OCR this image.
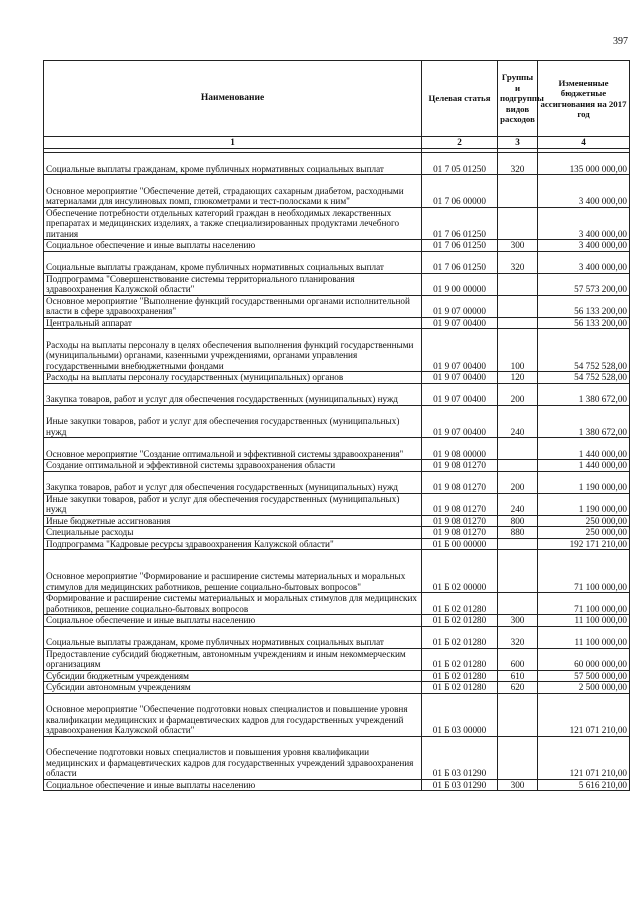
397
Наименование	Целевая статья	Группы и подгруппы видов расходов	Измененные бюджетные ассигнования на 2017 год
1	2	3	4

Социальные выплаты гражданам, кроме публичных нормативных социальных выплат	01 7 05 01250	320	135 000 000,00
Основное мероприятие "Обеспечение детей, страдающих сахарным диабетом, расходными материалами для инсулиновых помп, глюкометрами и тест-полосками к ним"	01 7 06 00000		3 400 000,00
Обеспечение потребности отдельных категорий граждан в необходимых лекарственных препаратах и медицинских изделиях, а также специализированных продуктами лечебного питания	01 7 06 01250		3 400 000,00
Социальное обеспечение и иные выплаты населению	01 7 06 01250	300	3 400 000,00
Социальные выплаты гражданам, кроме публичных нормативных социальных выплат	01 7 06 01250	320	3 400 000,00
Подпрограмма "Совершенствование системы территориального планирования здравоохранения Калужской области"	01 9 00 00000		57 573 200,00
Основное мероприятие "Выполнение функций государственными органами исполнительной власти в сфере здравоохранения"	01 9 07 00000		56 133 200,00
Центральный аппарат	01 9 07 00400		56 133 200,00
Расходы на выплаты персоналу в целях обеспечения выполнения функций государственными (муниципальными) органами, казенными учреждениями, органами управления государственными внебюджетными фондами	01 9 07 00400	100	54 752 528,00
Расходы на выплаты персоналу государственных (муниципальных) органов	01 9 07 00400	120	54 752 528,00
Закупка товаров, работ и услуг для обеспечения государственных (муниципальных) нужд	01 9 07 00400	200	1 380 672,00
Иные закупки товаров, работ и услуг для обеспечения государственных (муниципальных) нужд	01 9 07 00400	240	1 380 672,00
Основное мероприятие "Создание оптимальной и эффективной системы здравоохранения"	01 9 08 00000		1 440 000,00
Создание оптимальной и эффективной системы здравоохранения области	01 9 08 01270		1 440 000,00
Закупка товаров, работ и услуг для обеспечения государственных (муниципальных) нужд	01 9 08 01270	200	1 190 000,00
Иные закупки товаров, работ и услуг для обеспечения государственных (муниципальных) нужд	01 9 08 01270	240	1 190 000,00
Иные бюджетные ассигнования	01 9 08 01270	800	250 000,00
Специальные расходы	01 9 08 01270	880	250 000,00
Подпрограмма "Кадровые ресурсы здравоохранения Калужской области"	01 Б 00 00000		192 171 210,00
Основное мероприятие "Формирование и расширение системы материальных и моральных стимулов для медицинских работников, решение социально-бытовых вопросов"	01 Б 02 00000		71 100 000,00
Формирование и расширение системы материальных и моральных стимулов для медицинских работников, решение социально-бытовых вопросов	01 Б 02 01280		71 100 000,00
Социальное обеспечение и иные выплаты населению	01 Б 02 01280	300	11 100 000,00
Социальные выплаты гражданам, кроме публичных нормативных социальных выплат	01 Б 02 01280	320	11 100 000,00
Предоставление субсидий бюджетным, автономным учреждениям и иным некоммерческим организациям	01 Б 02 01280	600	60 000 000,00
Субсидии бюджетным учреждениям	01 Б 02 01280	610	57 500 000,00
Субсидии автономным учреждениям	01 Б 02 01280	620	2 500 000,00
Основное мероприятие "Обеспечение подготовки новых специалистов и повышение уровня квалификации медицинских и фармацевтических кадров для государственных учреждений здравоохранения Калужской области"	01 Б 03 00000		121 071 210,00
Обеспечение подготовки новых специалистов и повышения уровня квалификации медицинских и фармацевтических кадров для государственных учреждений здравоохранения области	01 Б 03 01290		121 071 210,00
Социальное обеспечение и иные выплаты населению	01 Б 03 01290	300	5 616 210,00
